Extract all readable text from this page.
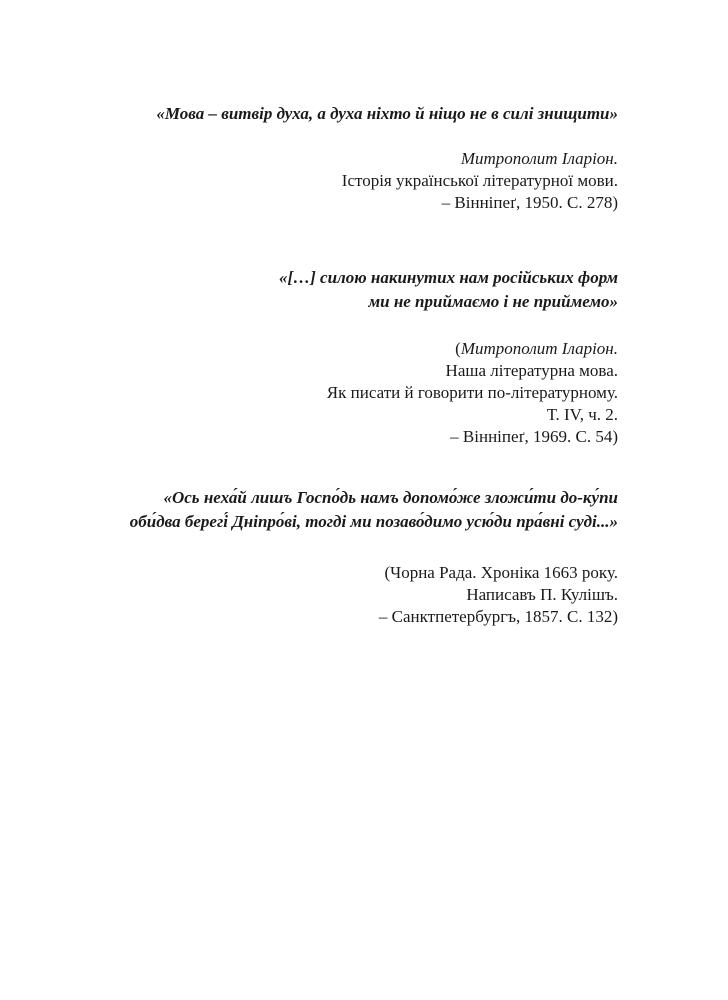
«Мова – витвір духа, а духа ніхто й ніщо не в силі знищити»

Митрополит Іларіон.
Історія української літературної мови.
– Вінніпеґ, 1950. С. 278)

«[…] силою накинутих нам російських форм
ми не приймаємо і не приймемо»

(Митрополит Іларіон.
Наша літературна мова.
Як писати й говорити по-літературному.
Т. IV, ч. 2.
– Вінніпеґ, 1969. С. 54)

«Ось неха́й лишъ Госпо́дь намъ допомо́же зложи́ти до-ку́пи
оби́два берегі́ Дніпро́ві, тогді ми позаво́димо усю́ди пра́вні суді...»

(Чорна Рада. Хроніка 1663 року.
Написавъ П. Кулішъ.
– Санктпетербургъ, 1857. С. 132)
